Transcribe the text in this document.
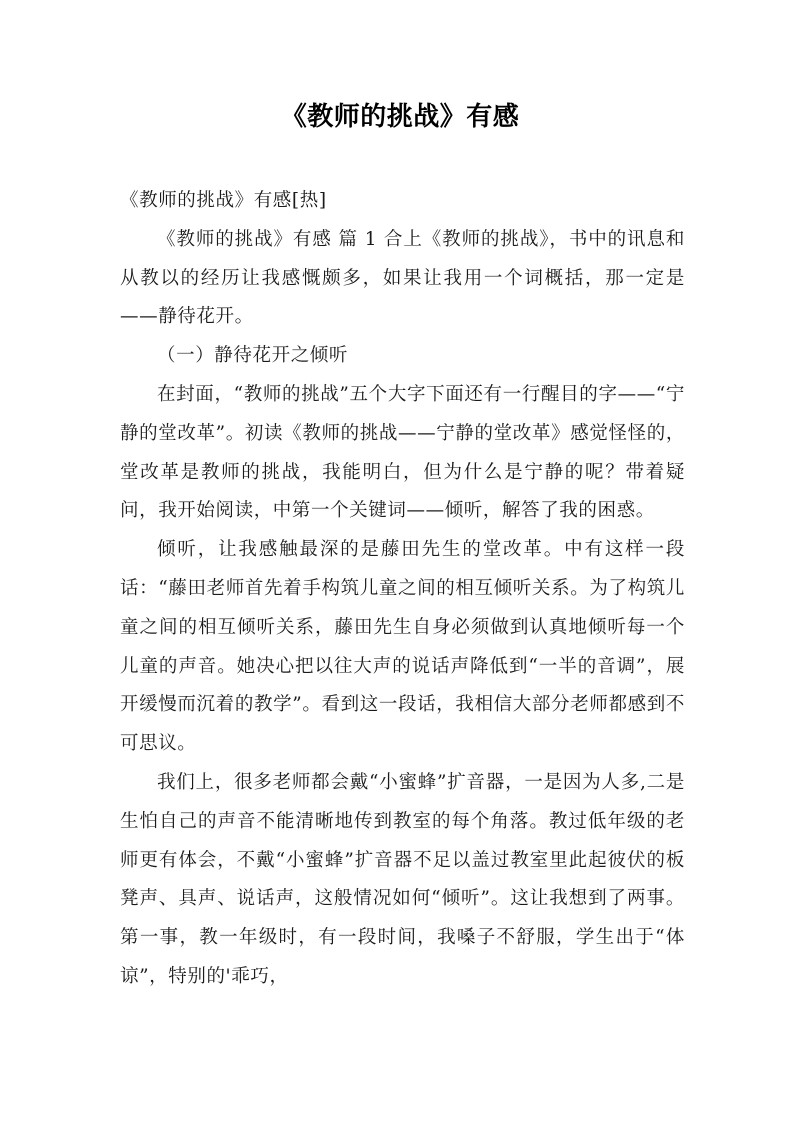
《教师的挑战》有感

《教师的挑战》有感[热]

《教师的挑战》有感 篇 1 合上《教师的挑战》，书中的讯息和从教以的经历让我感慨颇多，如果让我用一个词概括，那一定是——静待花开。

（一）静待花开之倾听

在封面，“教师的挑战”五个大字下面还有一行醒目的字——“宁静的堂改革”。初读《教师的挑战——宁静的堂改革》感觉怪怪的，堂改革是教师的挑战，我能明白，但为什么是宁静的呢？带着疑问，我开始阅读，中第一个关键词——倾听，解答了我的困惑。

倾听，让我感触最深的是藤田先生的堂改革。中有这样一段话：“藤田老师首先着手构筑儿童之间的相互倾听关系。为了构筑儿童之间的相互倾听关系，藤田先生自身必须做到认真地倾听每一个儿童的声音。她决心把以往大声的说话声降低到“一半的音调”，展开缓慢而沉着的教学”。看到这一段话，我相信大部分老师都感到不可思议。

我们上，很多老师都会戴“小蜜蜂”扩音器，一是因为人多,二是生怕自己的声音不能清晰地传到教室的每个角落。教过低年级的老师更有体会，不戴“小蜜蜂”扩音器不足以盖过教室里此起彼伏的板凳声、具声、说话声，这般情况如何“倾听”。这让我想到了两事。第一事，教一年级时，有一段时间，我嗓子不舒服，学生出于“体谅”，特别的'乖巧，
